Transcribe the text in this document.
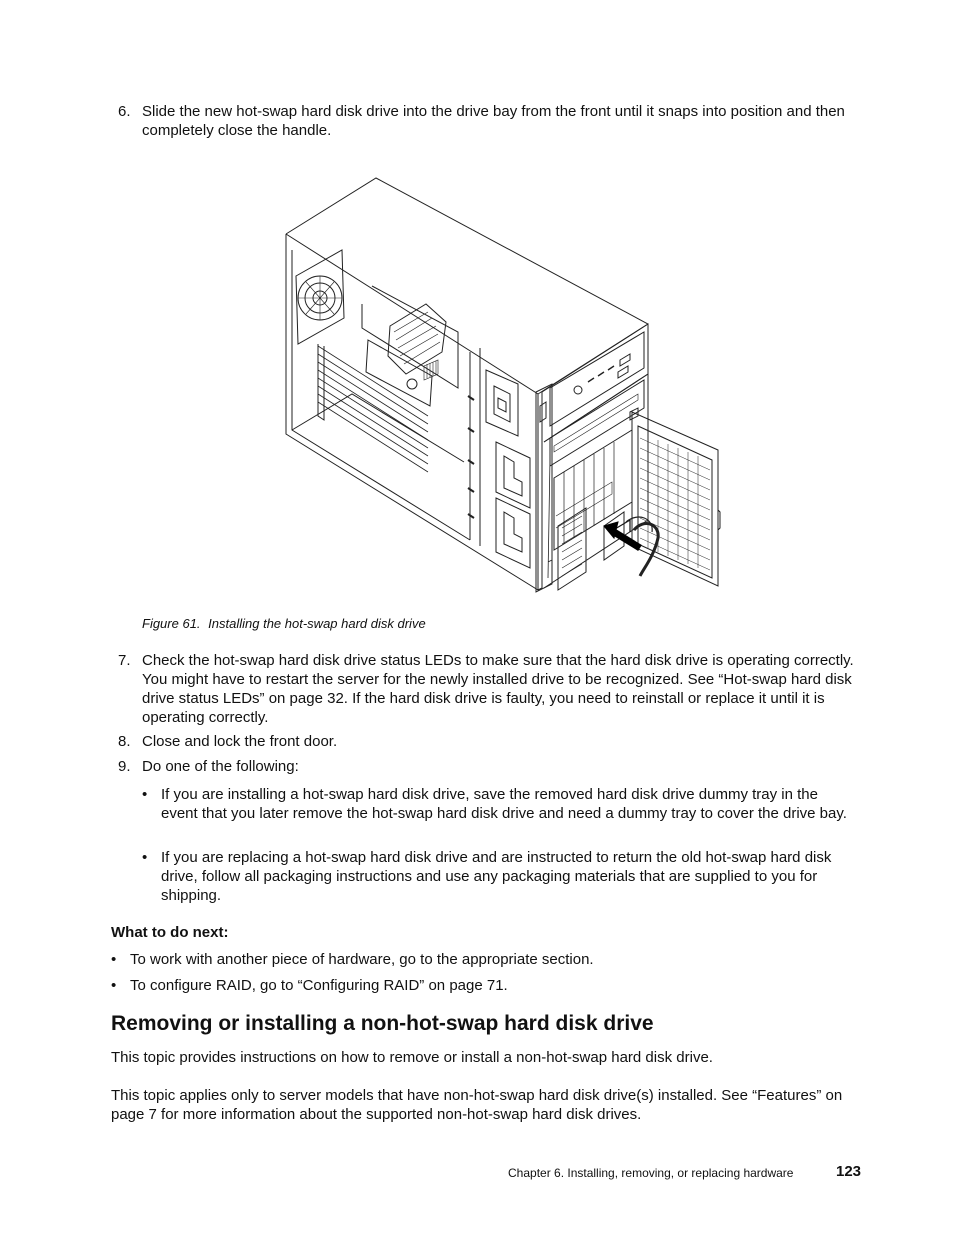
6. Slide the new hot-swap hard disk drive into the drive bay from the front until it snaps into position and then completely close the handle.
Figure 61. Installing the hot-swap hard disk drive
7. Check the hot-swap hard disk drive status LEDs to make sure that the hard disk drive is operating correctly. You might have to restart the server for the newly installed drive to be recognized. See “Hot-swap hard disk drive status LEDs” on page 32. If the hard disk drive is faulty, you need to reinstall or replace it until it is operating correctly.
8. Close and lock the front door.
9. Do one of the following:
• If you are installing a hot-swap hard disk drive, save the removed hard disk drive dummy tray in the event that you later remove the hot-swap hard disk drive and need a dummy tray to cover the drive bay.
• If you are replacing a hot-swap hard disk drive and are instructed to return the old hot-swap hard disk drive, follow all packaging instructions and use any packaging materials that are supplied to you for shipping.
What to do next:
• To work with another piece of hardware, go to the appropriate section.
• To configure RAID, go to “Configuring RAID” on page 71.
Removing or installing a non-hot-swap hard disk drive
This topic provides instructions on how to remove or install a non-hot-swap hard disk drive.
This topic applies only to server models that have non-hot-swap hard disk drive(s) installed. See “Features” on page 7 for more information about the supported non-hot-swap hard disk drives.
Chapter 6. Installing, removing, or replacing hardware	123
